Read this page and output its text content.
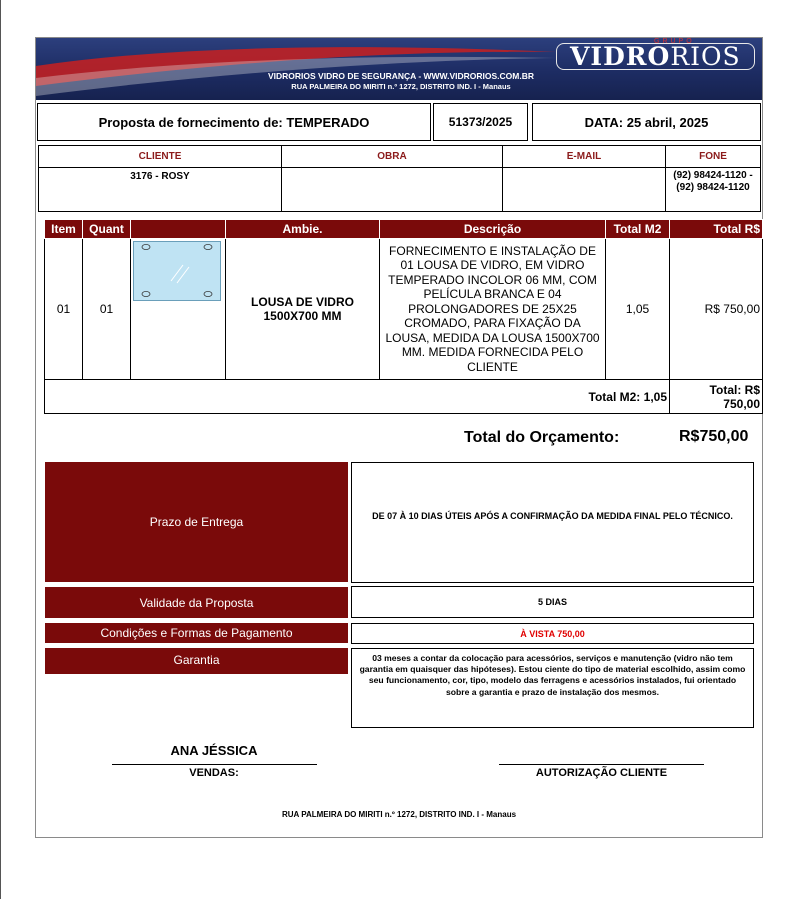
VIDRORIOS VIDRO DE SEGURANÇA - WWW.VIDRORIOS.COM.BR
RUA PALMEIRA DO MIRITI n.º 1272, DISTRITO IND. I - Manaus
GRUPO
VIDRORIOS
Proposta de fornecimento de: TEMPERADO	51373/2025	DATA: 25 abril, 2025
CLIENTE	OBRA	E-MAIL	FONE
3176 - ROSY			(92) 98424-1120 - (92) 98424-1120
Item	Quant		Ambie.	Descrição	Total M2	Total R$
01	01		LOUSA DE VIDRO 1500X700 MM	FORNECIMENTO E INSTALAÇÃO DE 01 LOUSA DE VIDRO, EM VIDRO TEMPERADO INCOLOR 06 MM, COM PELÍCULA BRANCA E 04 PROLONGADORES DE 25X25 CROMADO, PARA FIXAÇÃO DA LOUSA, MEDIDA DA LOUSA 1500X700 MM. MEDIDA FORNECIDA PELO CLIENTE	1,05	R$ 750,00
Total M2: 1,05						Total: R$ 750,00
Total do Orçamento:	R$750,00
Prazo de Entrega	DE 07 À 10 DIAS ÚTEIS APÓS A CONFIRMAÇÃO DA MEDIDA FINAL PELO TÉCNICO.
Validade da Proposta	5 DIAS
Condições e Formas de Pagamento	À VISTA 750,00
Garantia	03 meses a contar da colocação para acessórios, serviços e manutenção (vidro não tem garantia em quaisquer das hipóteses). Estou ciente do tipo de material escolhido, assim como seu funcionamento, cor, tipo, modelo das ferragens e acessórios instalados, fui orientado sobre a garantia e prazo de instalação dos mesmos.
ANA JÉSSICA
VENDAS:	AUTORIZAÇÃO CLIENTE
RUA PALMEIRA DO MIRITI n.º 1272, DISTRITO IND. I - Manaus
